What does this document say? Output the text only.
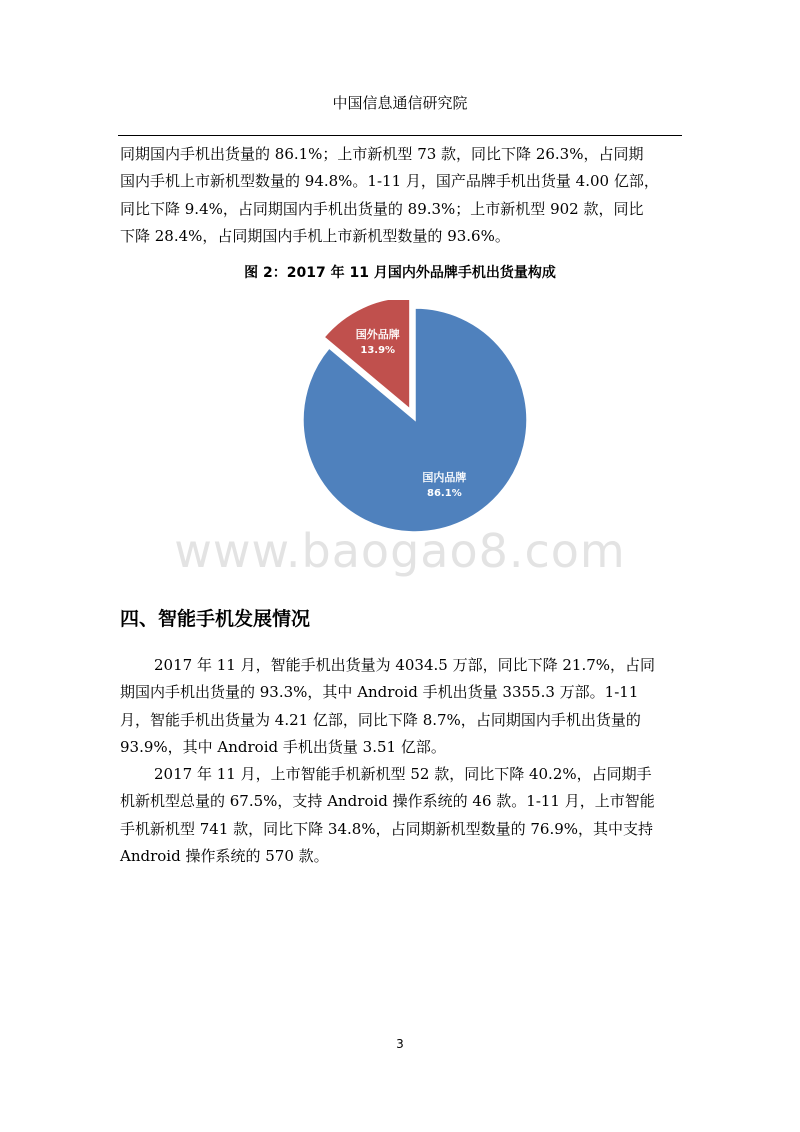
中国信息通信研究院
同期国内手机出货量的 86.1%；上市新机型 73 款，同比下降 26.3%，占同期
国内手机上市新机型数量的 94.8%。1-11 月，国产品牌手机出货量 4.00 亿部，
同比下降 9.4%，占同期国内手机出货量的 89.3%；上市新机型 902 款，同比
下降 28.4%，占同期国内手机上市新机型数量的 93.6%。
图 2：2017 年 11 月国内外品牌手机出货量构成
国外品牌
13.9%
国内品牌
86.1%
www.baogao8.com
四、智能手机发展情况
2017 年 11 月，智能手机出货量为 4034.5 万部，同比下降 21.7%，占同
期国内手机出货量的 93.3%，其中 Android 手机出货量 3355.3 万部。1-11
月，智能手机出货量为 4.21 亿部，同比下降 8.7%，占同期国内手机出货量的
93.9%，其中 Android 手机出货量 3.51 亿部。
2017 年 11 月，上市智能手机新机型 52 款，同比下降 40.2%，占同期手
机新机型总量的 67.5%，支持 Android 操作系统的 46 款。1-11 月，上市智能
手机新机型 741 款，同比下降 34.8%，占同期新机型数量的 76.9%，其中支持
Android 操作系统的 570 款。
3
